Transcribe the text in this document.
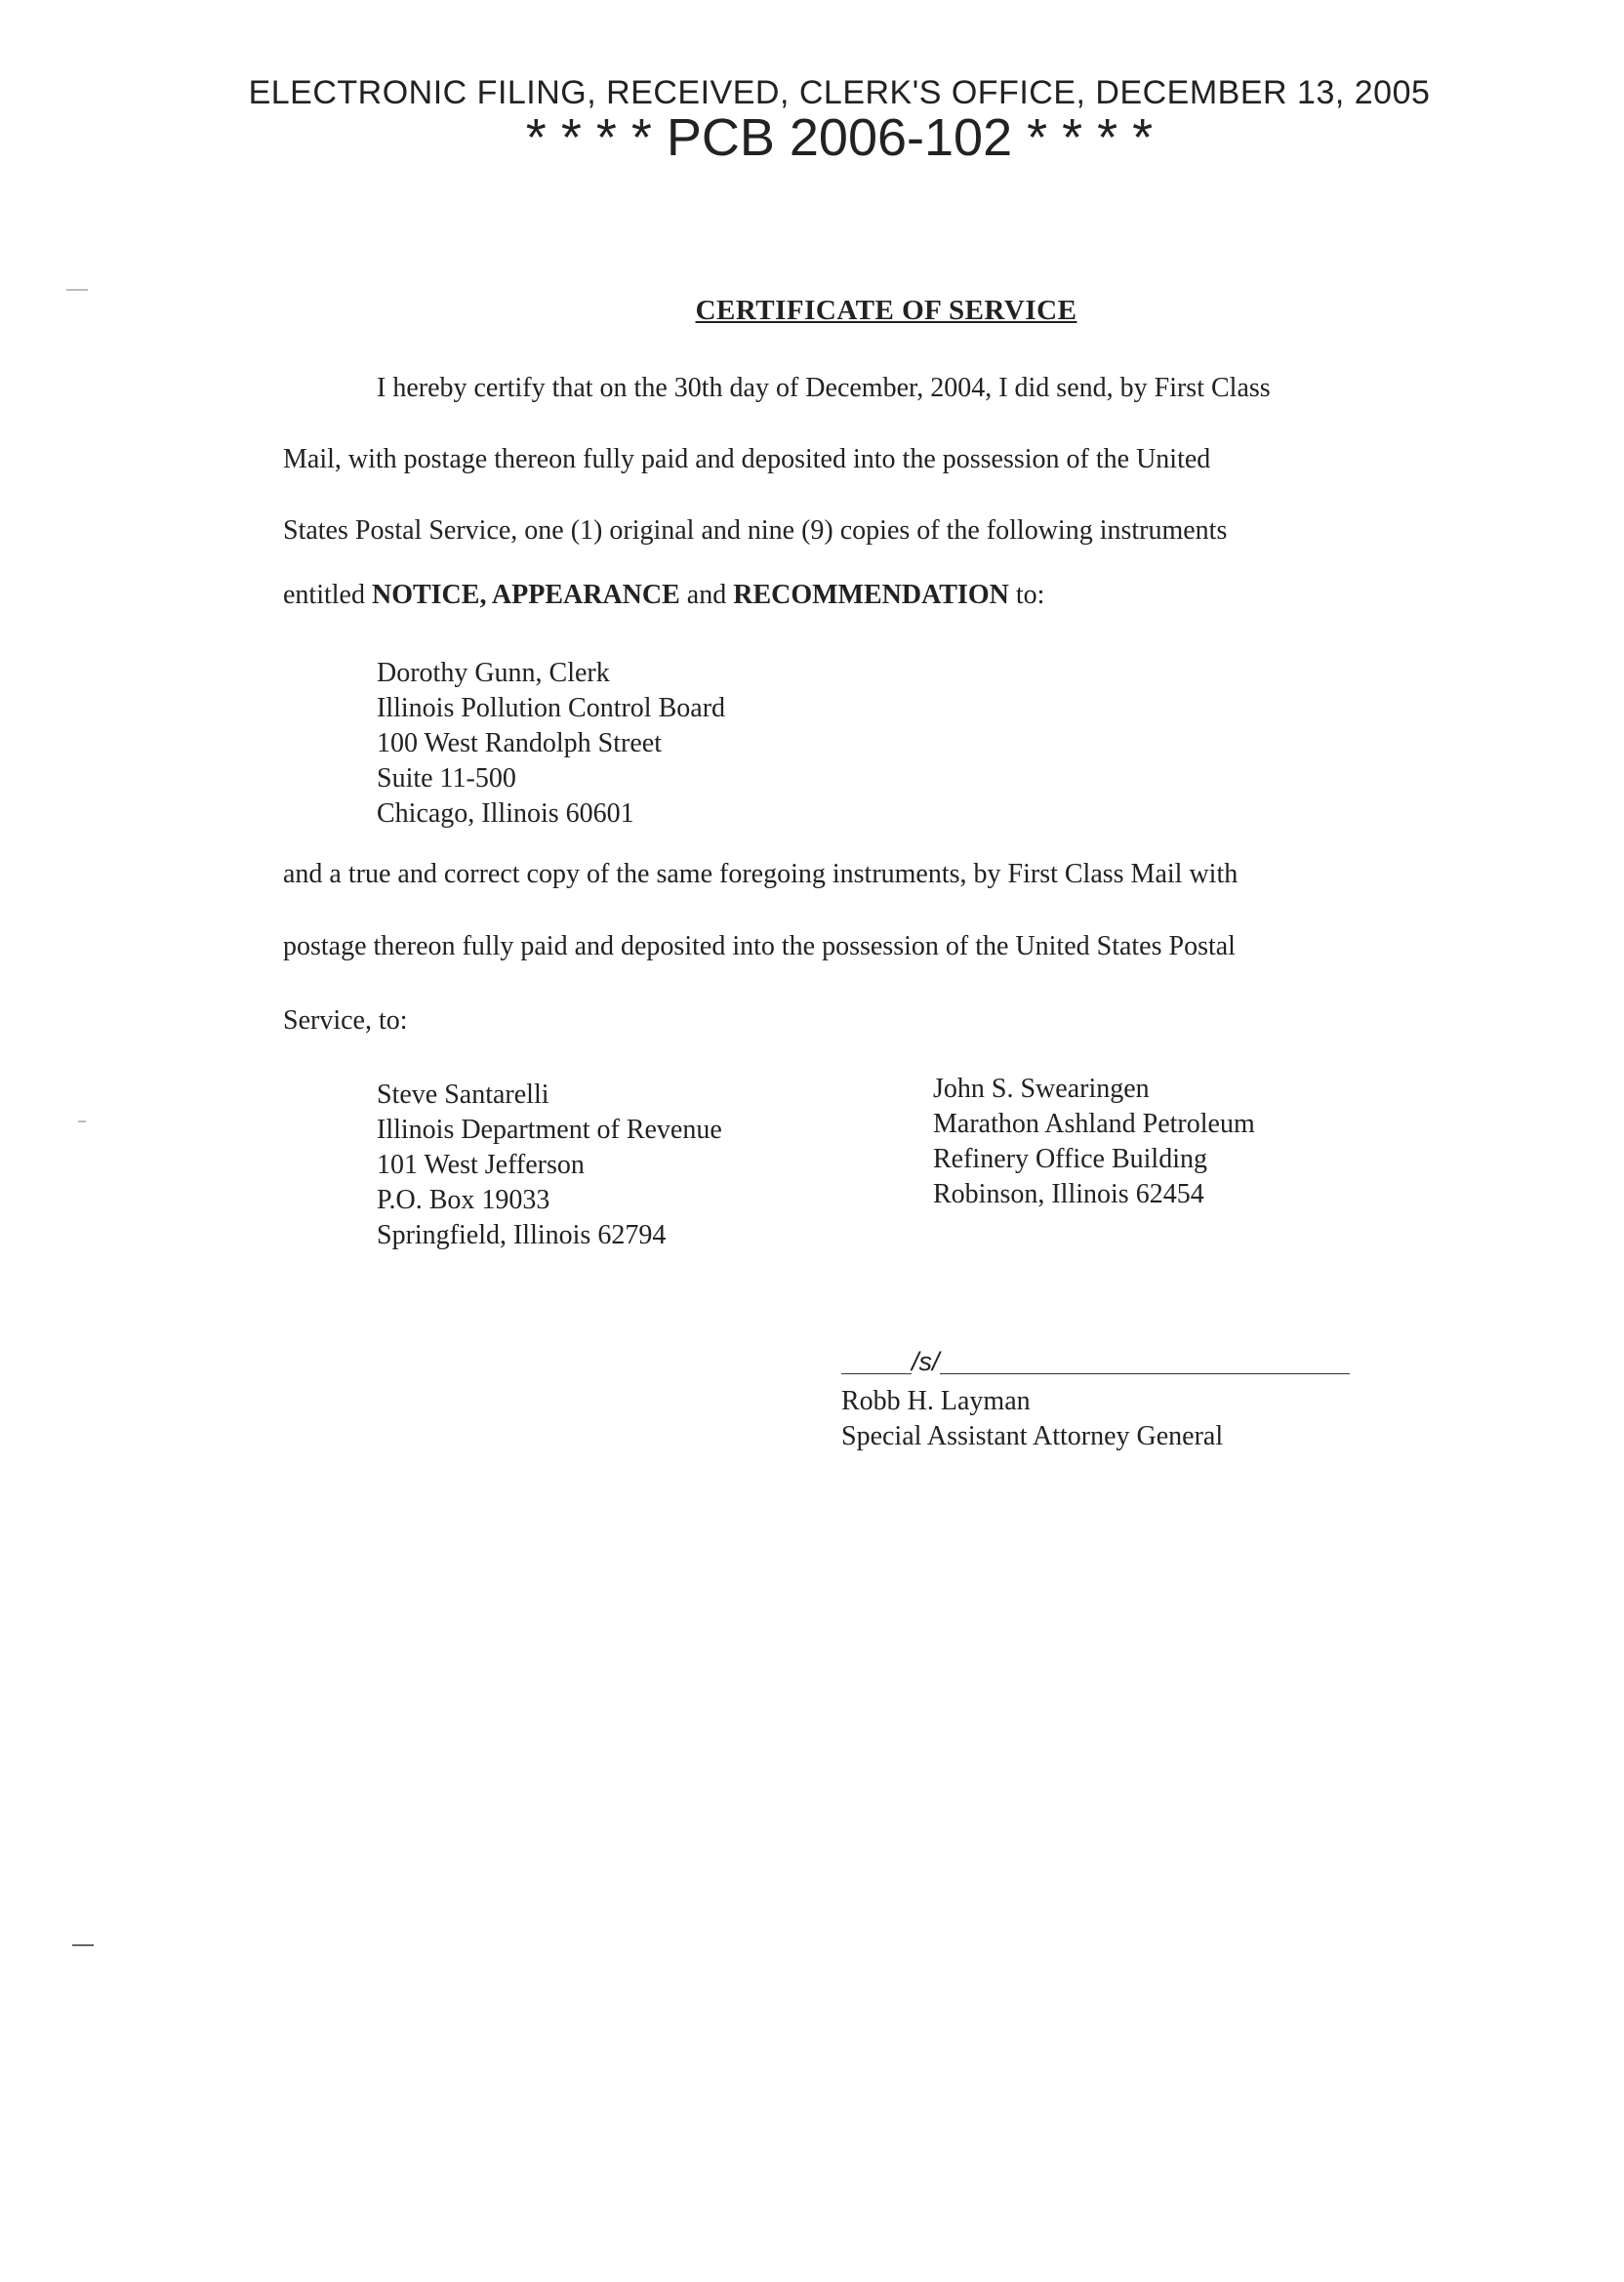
ELECTRONIC FILING, RECEIVED, CLERK'S OFFICE, DECEMBER 13, 2005
* * * * PCB 2006-102 * * * *
CERTIFICATE OF SERVICE
I hereby certify that on the 30th day of December, 2004, I did send, by First Class
Mail, with postage thereon fully paid and deposited into the possession of the United
States Postal Service, one (1) original and nine (9) copies of the following instruments
entitled NOTICE, APPEARANCE and RECOMMENDATION to:
Dorothy Gunn, Clerk
Illinois Pollution Control Board
100 West Randolph Street
Suite 11-500
Chicago, Illinois 60601
and a true and correct copy of the same foregoing instruments, by First Class Mail with
postage thereon fully paid and deposited into the possession of the United States Postal
Service, to:
Steve Santarelli
Illinois Department of Revenue
101 West Jefferson
P.O. Box 19033
Springfield, Illinois 62794
John S. Swearingen
Marathon Ashland Petroleum
Refinery Office Building
Robinson, Illinois 62454
/s/
Robb H. Layman
Special Assistant Attorney General
